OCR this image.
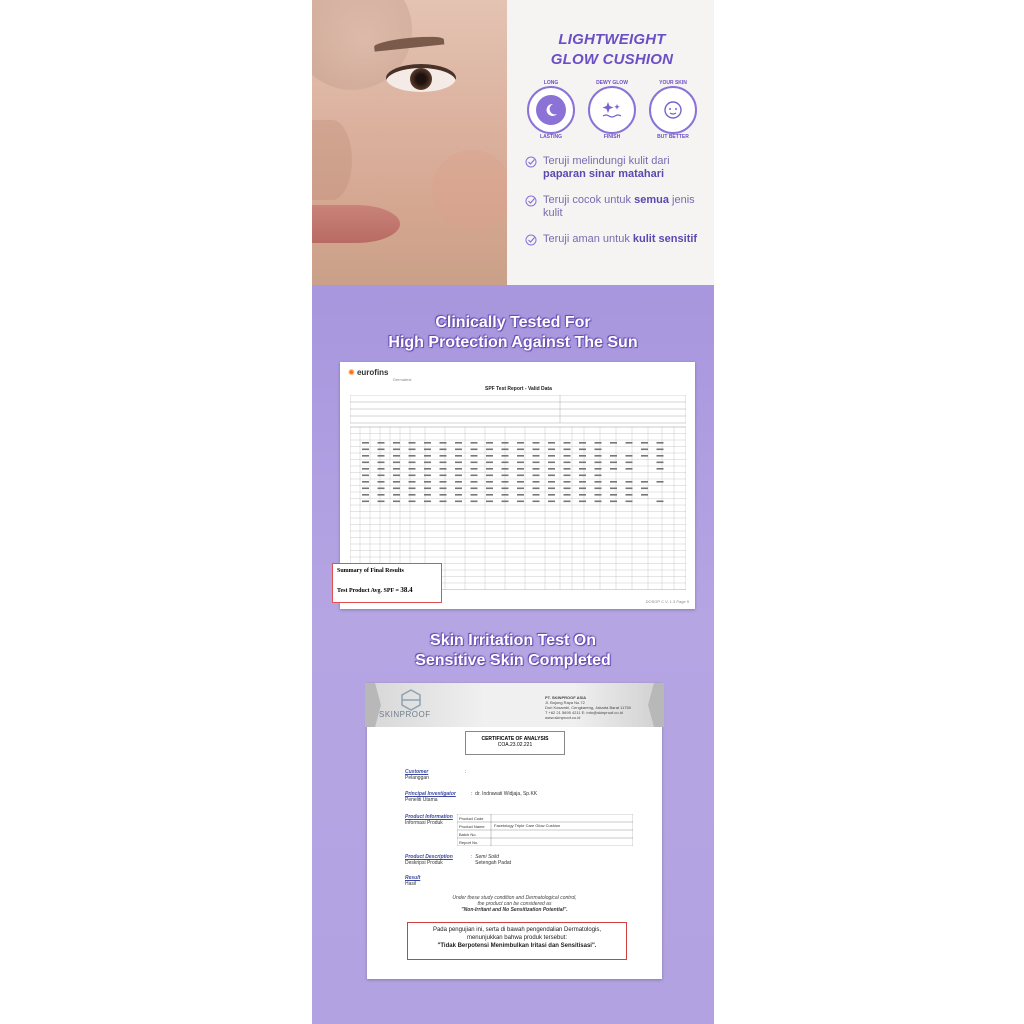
LIGHTWEIGHT
GLOW CUSHION
LONG
LASTING
DEWY GLOW
FINISH
YOUR SKIN
BUT BETTER
Teruji melindungi kulit dari paparan sinar matahari
Teruji cocok untuk semua jenis kulit
Teruji aman untuk kulit sensitif
Clinically Tested For
High Protection Against The Sun
✺ eurofins
Dermatest
SPF Test Report - Valid Data
Summary of Final Results
Test Product Avg. SPF = 38.4
DOSOP C V. 1.3 Page 9
Skin Irritation Test On
Sensitive Skin Completed
SKINPROOF
PT. SKINPROOF ASIA
Jl. Bojong Raya No.72
Duri Kosambi, Cengkareng, Jakarta Barat 11750
T +62 21 5695 4211 E: info@skinproof.co.id
www.skinproof.co.id
CERTIFICATE OF ANALYSIS
COA.23.02.221
Customer
Pelanggan
:
Principal Investigator
Peneliti Utama
:  dr. Indrawati Widjaja, Sp.KK
Product Information
Informasi Produk
Product Code
Product Name
Batch No.
Report No.
Facetology Triple Care Glow Cushion
Product Description
Deskripsi Produk
:  Semi Solid
Setengah Padat
Result
Hasil
Under these study condition and Dermatological control,
the product can be considered as
"Non-Irritant and No Sensitization Potential".
Pada pengujian ini, serta di bawah pengendalian Dermatologis,
menunjukkan bahwa produk tersebut:
"Tidak Berpotensi Menimbulkan Iritasi dan Sensitisasi".
